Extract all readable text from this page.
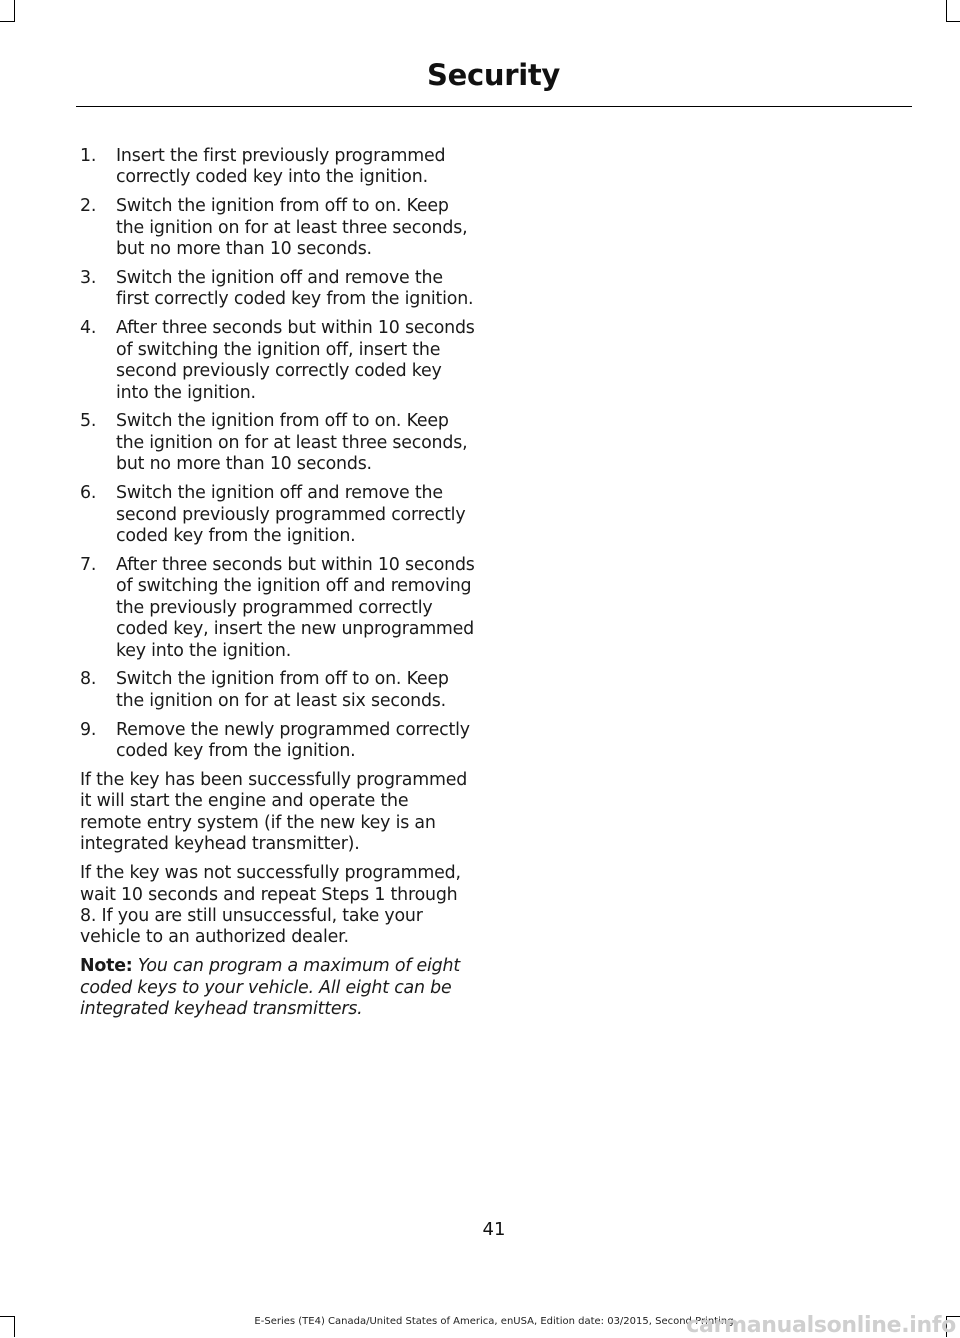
Security
1. Insert the first previously programmed correctly coded key into the ignition.
2. Switch the ignition from off to on. Keep the ignition on for at least three seconds, but no more than 10 seconds.
3. Switch the ignition off and remove the first correctly coded key from the ignition.
4. After three seconds but within 10 seconds of switching the ignition off, insert the second previously correctly coded key into the ignition.
5. Switch the ignition from off to on. Keep the ignition on for at least three seconds, but no more than 10 seconds.
6. Switch the ignition off and remove the second previously programmed correctly coded key from the ignition.
7. After three seconds but within 10 seconds of switching the ignition off and removing the previously programmed correctly coded key, insert the new unprogrammed key into the ignition.
8. Switch the ignition from off to on. Keep the ignition on for at least six seconds.
9. Remove the newly programmed correctly coded key from the ignition.

If the key has been successfully programmed it will start the engine and operate the remote entry system (if the new key is an integrated keyhead transmitter).

If the key was not successfully programmed, wait 10 seconds and repeat Steps 1 through 8. If you are still unsuccessful, take your vehicle to an authorized dealer.

Note: You can program a maximum of eight coded keys to your vehicle. All eight can be integrated keyhead transmitters.

41
E-Series (TE4) Canada/United States of America, enUSA, Edition date: 03/2015, Second Printing
carmanualsonline.info
